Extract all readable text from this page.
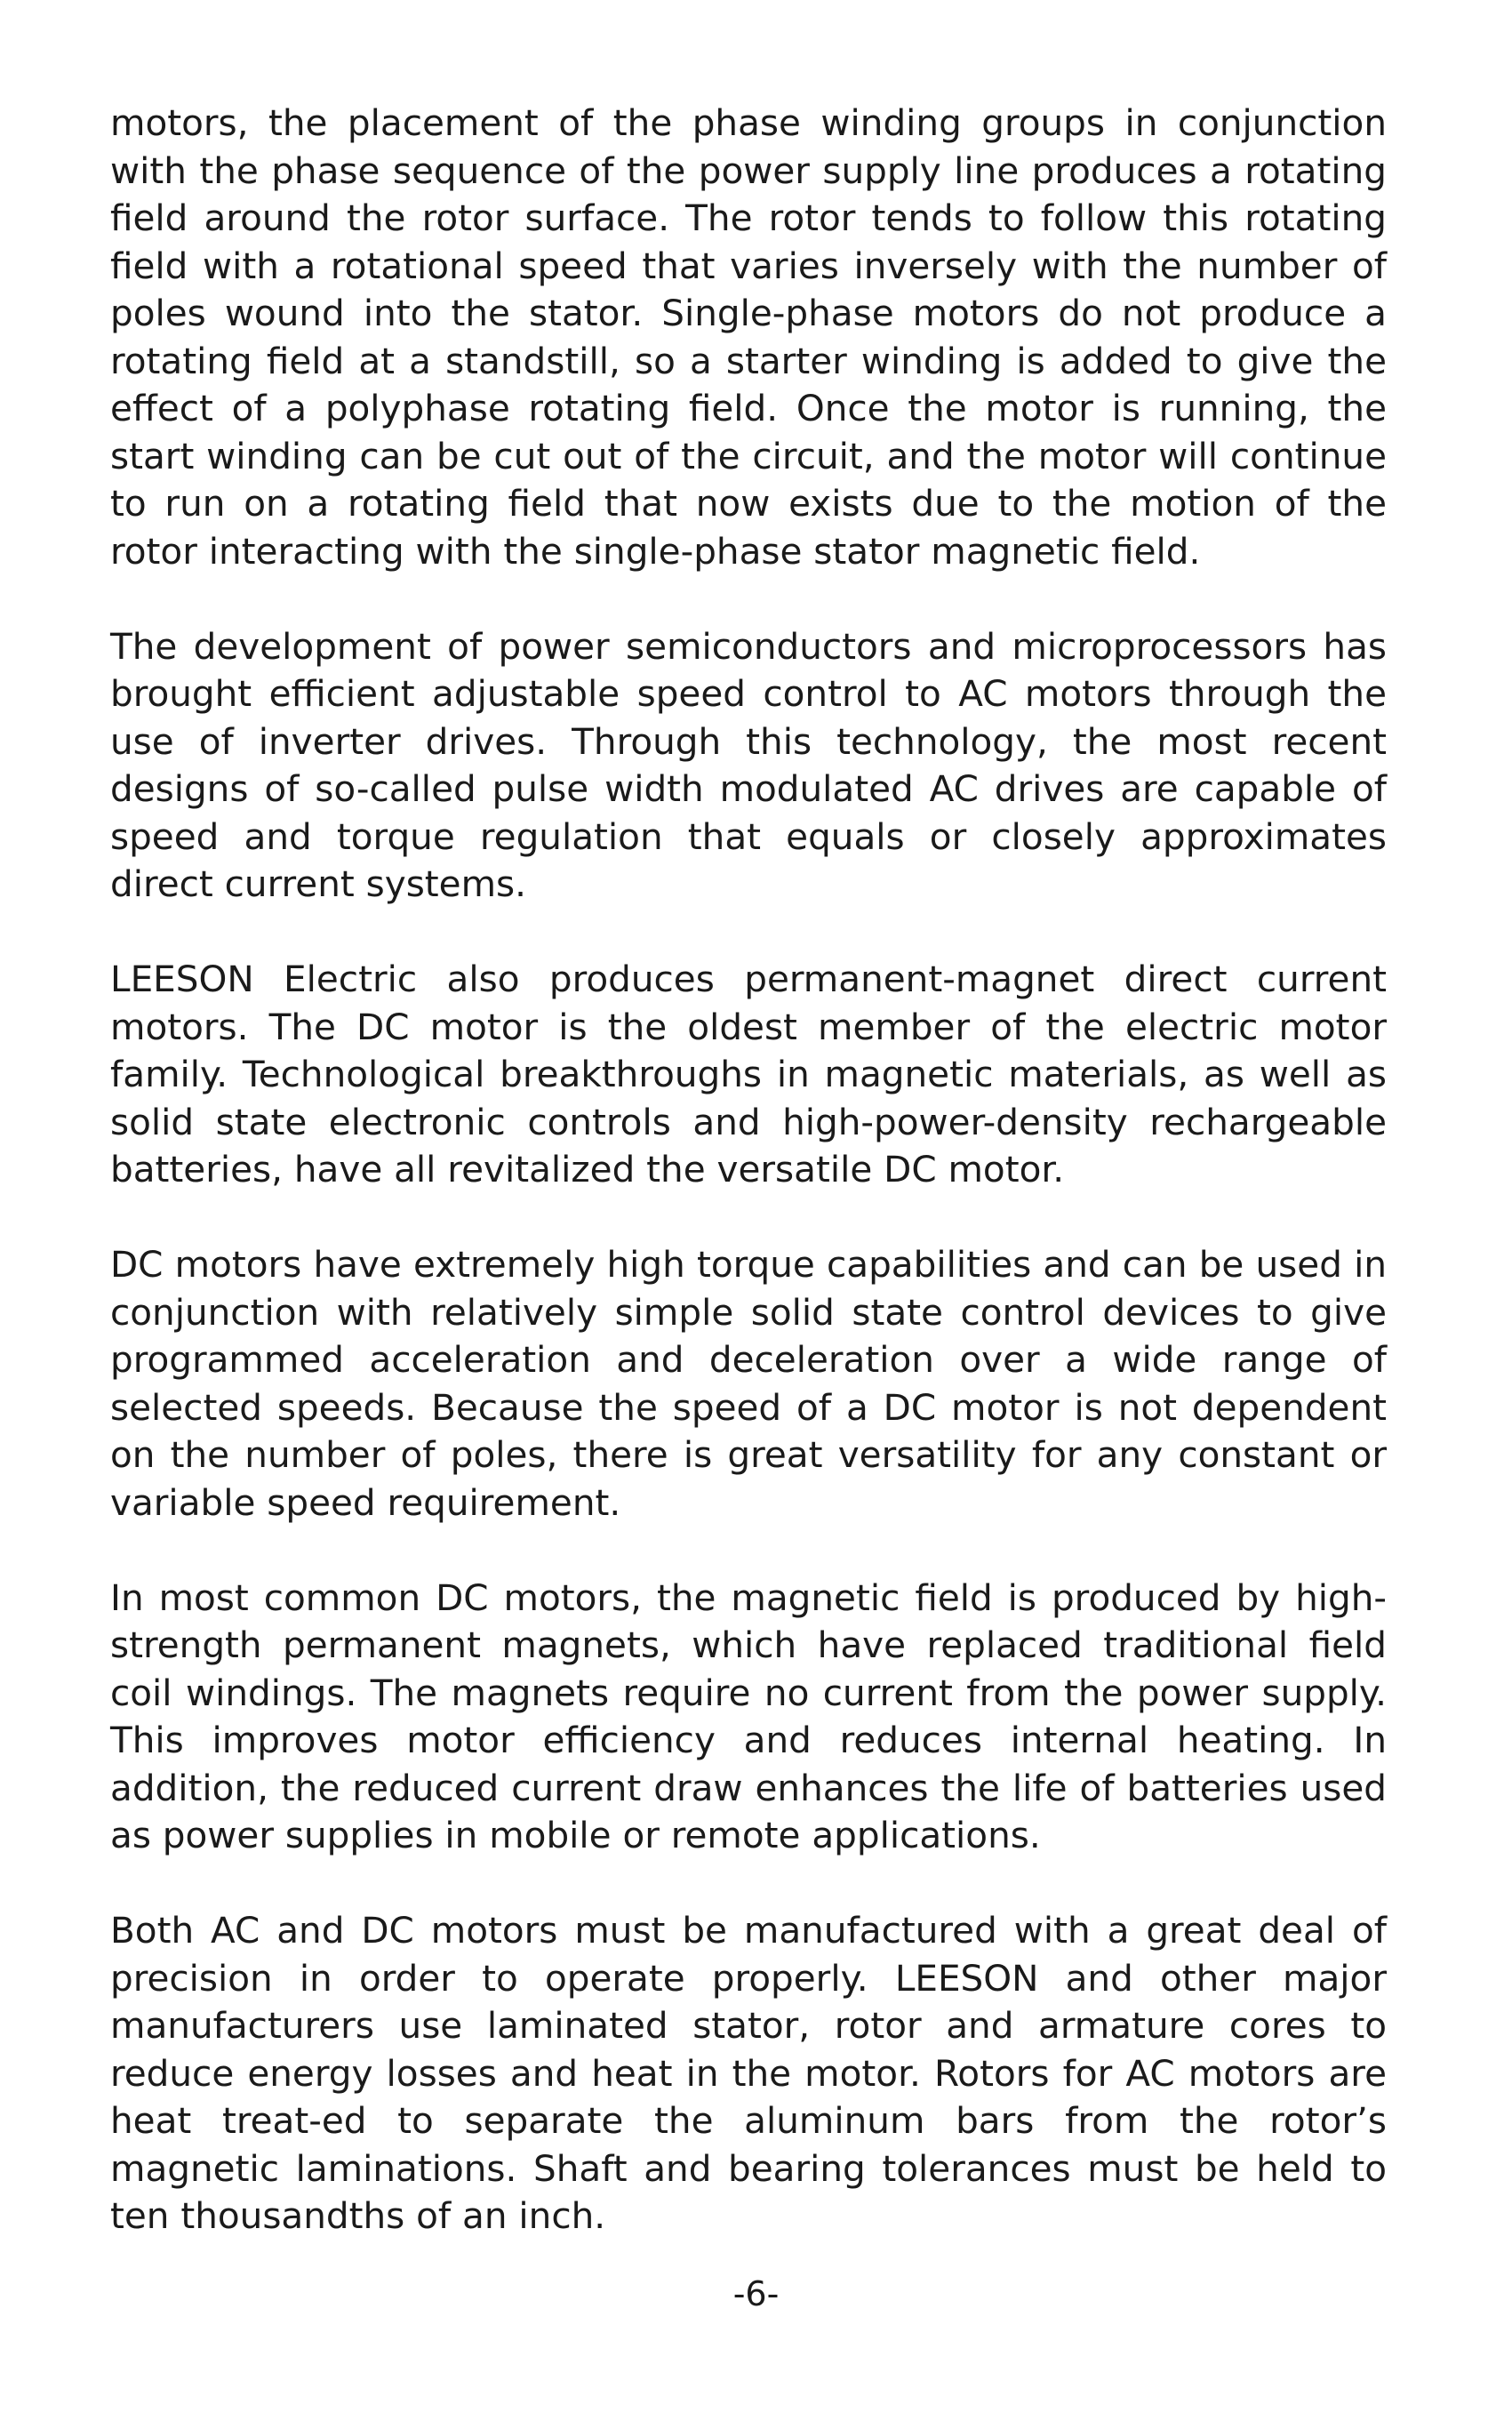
motors, the placement of the phase winding groups in conjunction with the phase sequence of the power supply line produces a rotating field around the rotor surface. The rotor tends to follow this rotating field with a rotational speed that varies inversely with the number of poles wound into the stator. Single-phase motors do not produce a rotating field at a standstill, so a starter winding is added to give the effect of a polyphase rotating field. Once the motor is running, the start winding can be cut out of the circuit, and the motor will continue to run on a rotating field that now exists due to the motion of the rotor interacting with the single-phase stator magnetic field.

The development of power semiconductors and microprocessors has brought efficient adjustable speed control to AC motors through the use of inverter drives. Through this technology, the most recent designs of so-called pulse width modulated AC drives are capable of speed and torque regulation that equals or closely approximates direct current systems.

LEESON Electric also produces permanent-magnet direct current motors. The DC motor is the oldest member of the electric motor family. Technological breakthroughs in magnetic materials, as well as solid state electronic controls and high-power-density rechargeable batteries, have all revitalized the versatile DC motor.

DC motors have extremely high torque capabilities and can be used in conjunction with relatively simple solid state control devices to give programmed acceleration and deceleration over a wide range of selected speeds. Because the speed of a DC motor is not dependent on the number of poles, there is great versatility for any constant or variable speed requirement.

In most common DC motors, the magnetic field is produced by high-strength permanent magnets, which have replaced traditional field coil windings. The magnets require no current from the power supply. This improves motor efficiency and reduces internal heating. In addition, the reduced current draw enhances the life of batteries used as power supplies in mobile or remote applications.

Both AC and DC motors must be manufactured with a great deal of precision in order to operate properly. LEESON and other major manufacturers use laminated stator, rotor and armature cores to reduce energy losses and heat in the motor. Rotors for AC motors are heat treat-ed to separate the aluminum bars from the rotor’s magnetic laminations. Shaft and bearing tolerances must be held to ten thousandths of an inch.

-6-
